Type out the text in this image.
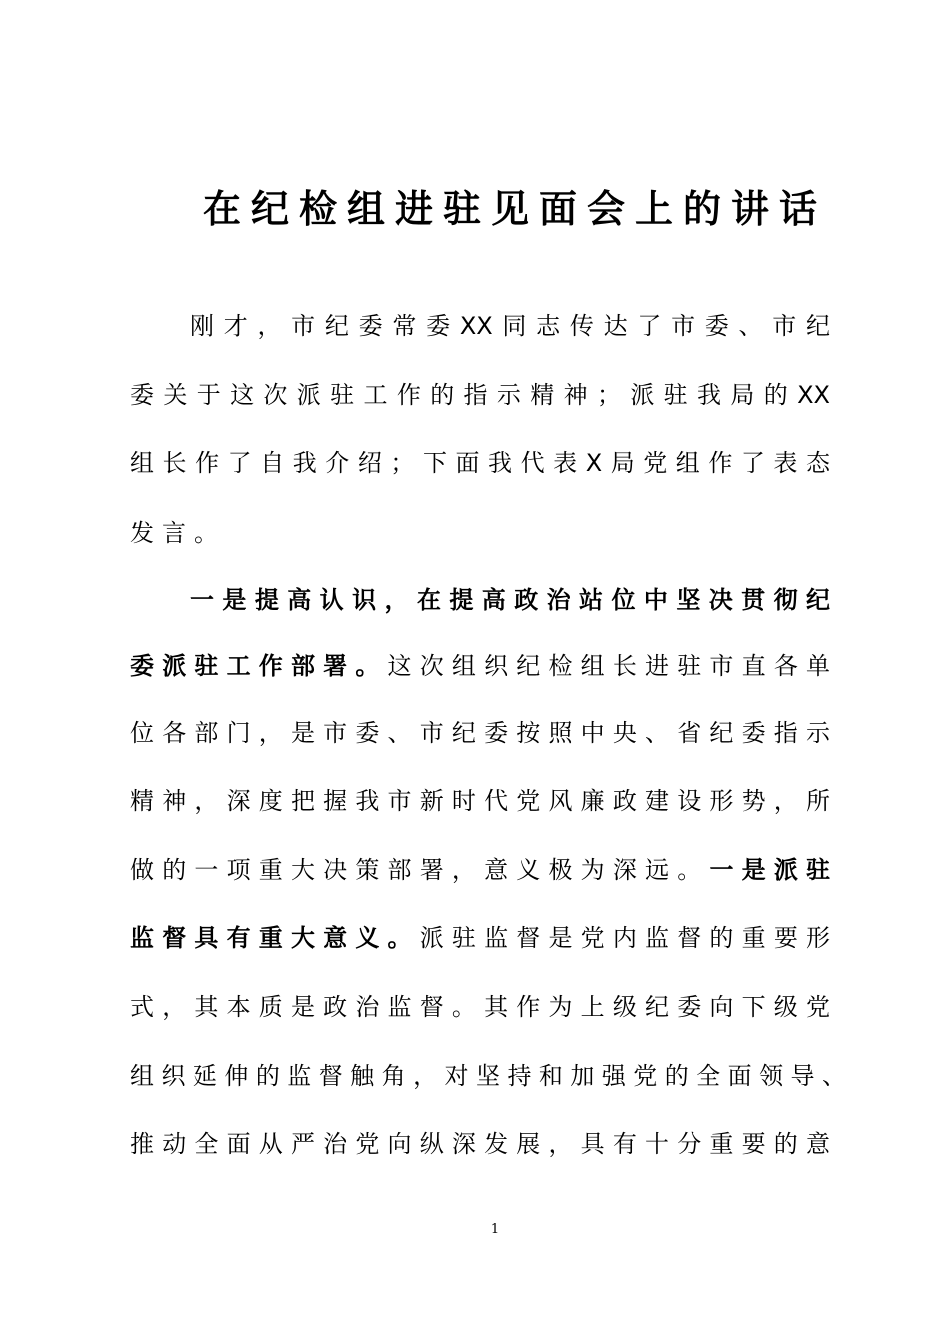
在纪检组进驻见面会上的讲话
刚才，市纪委常委XX同志传达了市委、市纪
委关于这次派驻工作的指示精神；派驻我局的XX
组长作了自我介绍；下面我代表X局党组作了表态
发言。
一是提高认识，在提高政治站位中坚决贯彻纪
委派驻工作部署。这次组织纪检组长进驻市直各单
位各部门，是市委、市纪委按照中央、省纪委指示
精神，深度把握我市新时代党风廉政建设形势，所
做的一项重大决策部署，意义极为深远。一是派驻
监督具有重大意义。派驻监督是党内监督的重要形
式，其本质是政治监督。其作为上级纪委向下级党
组织延伸的监督触角，对坚持和加强党的全面领导、
推动全面从严治党向纵深发展，具有十分重要的意
1
